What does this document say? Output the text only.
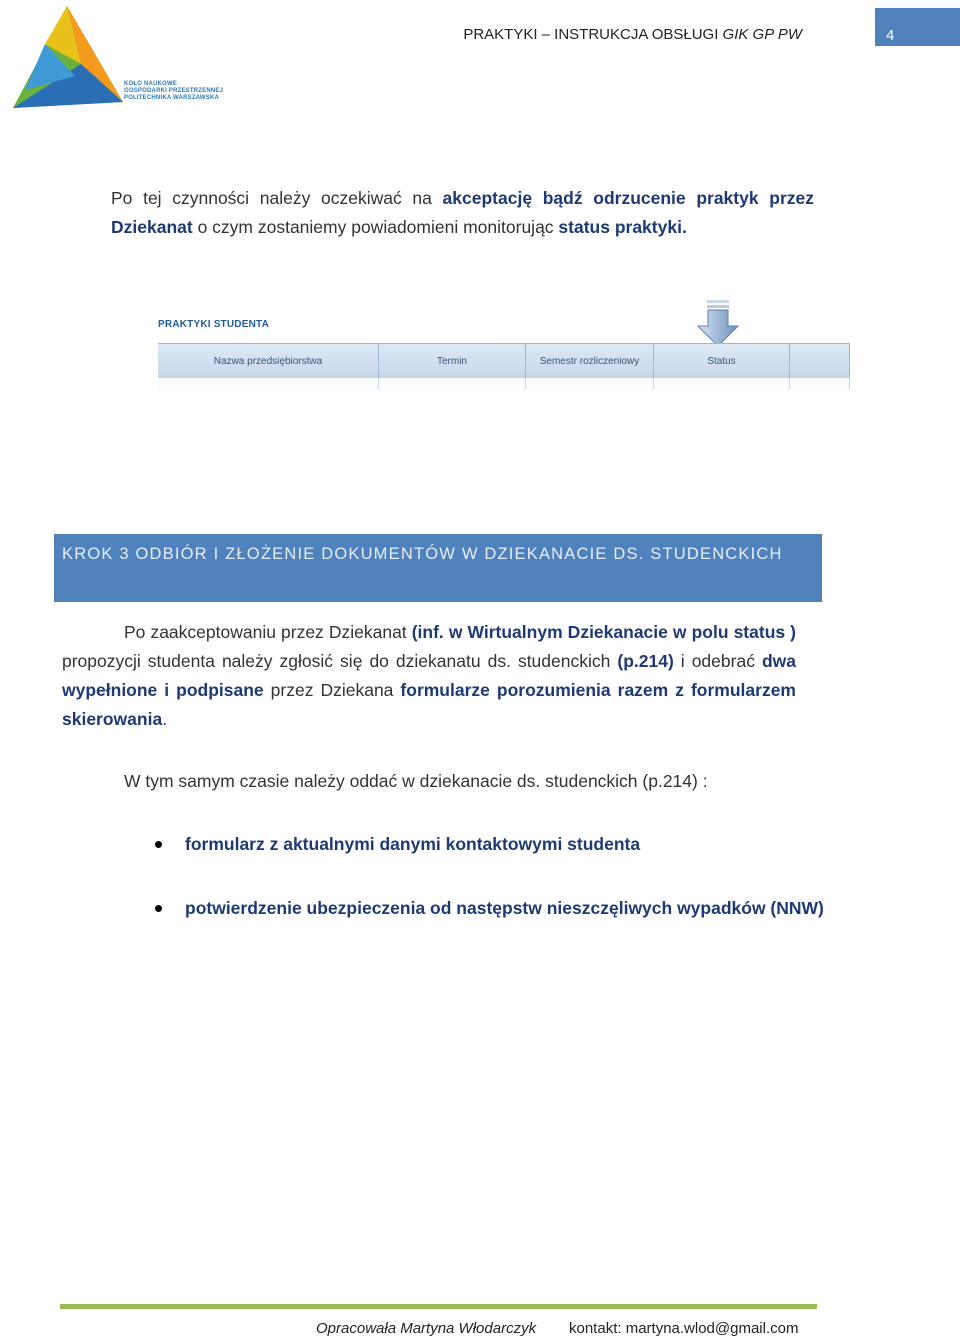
KOŁO NAUKOWE
GOSPODARKI PRZESTRZENNEJ
POLITECHNIKA WARSZAWSKA
PRAKTYKI – INSTRUKCJA OBSŁUGI GIK GP PW	4
Po tej czynności należy oczekiwać na akceptację bądź odrzucenie praktyk przez Dziekanat o czym zostaniemy powiadomieni monitorując status praktyki.
PRAKTYKI STUDENTA
Nazwa przedsiębiorstwa	Termin	Semestr rozliczeniowy	Status
KROK 3 ODBIÓR I ZŁOŻENIE DOKUMENTÓW W DZIEKANACIE DS. STUDENCKICH
Po zaakceptowaniu przez Dziekanat (inf. w Wirtualnym Dziekanacie w polu status ) propozycji studenta należy zgłosić się do dziekanatu ds. studenckich (p.214) i odebrać dwa wypełnione i podpisane przez Dziekana formularze porozumienia razem z formularzem skierowania.
W tym samym czasie należy oddać w dziekanacie ds. studenckich (p.214) :
formularz z aktualnymi danymi kontaktowymi studenta
potwierdzenie ubezpieczenia od następstw nieszczęliwych wypadków (NNW)
Opracowała Martyna Włodarczyk kontakt: martyna.wlod@gmail.com
